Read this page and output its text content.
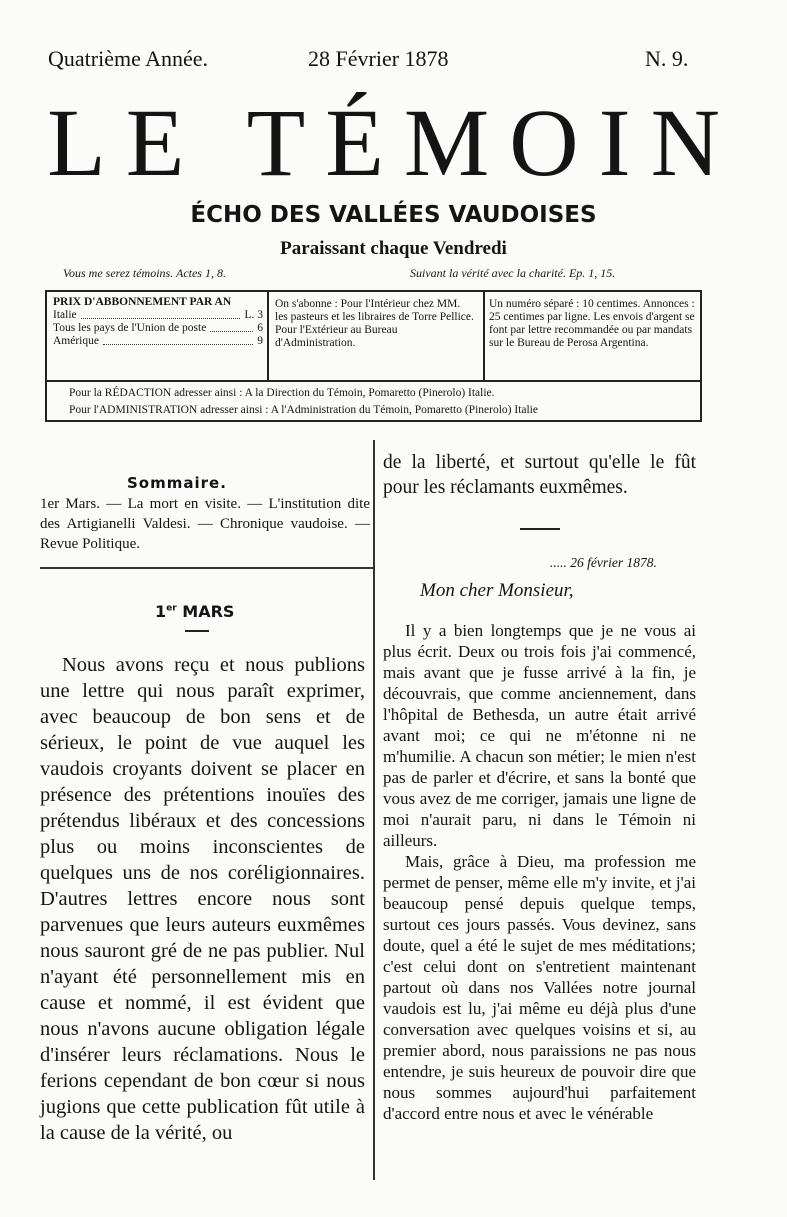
Quatrième Année.	28 Février 1878	N. 9.
LE TÉMOIN
ÉCHO DES VALLÉES VAUDOISES
Paraissant chaque Vendredi
Vous me serez témoins. Actes 1, 8.	Suivant la vérité avec la charité. Ep. 1, 15.
PRIX D'ABBONNEMENT PAR AN
Italie	L. 3
Tous les pays de l'Union de poste	6
Amérique	9
On s'abonne : Pour l'Intérieur chez MM. les pasteurs et les libraires de Torre Pellice. Pour l'Extérieur au Bureau d'Administration.
Un numéro séparé : 10 centimes. Annonces : 25 centimes par ligne. Les envois d'argent se font par lettre recommandée ou par mandats sur le Bureau de Perosa Argentina.
Pour la RÉDACTION adresser ainsi : A la Direction du Témoin, Pomaretto (Pinerolo) Italie.
Pour l'ADMINISTRATION adresser ainsi : A l'Administration du Témoin, Pomaretto (Pinerolo) Italie
Sommaire.
1er Mars. — La mort en visite. — L'institution dite des Artigianelli Valdesi. — Chronique vaudoise. — Revue Politique.
1er MARS
Nous avons reçu et nous publions une lettre qui nous paraît exprimer, avec beaucoup de bon sens et de sérieux, le point de vue auquel les vaudois croyants doivent se placer en présence des prétentions inouïes des prétendus libéraux et des concessions plus ou moins inconscientes de quelques uns de nos coréligionnaires. D'autres lettres encore nous sont parvenues que leurs auteurs euxmêmes nous sauront gré de ne pas publier. Nul n'ayant été personnellement mis en cause et nommé, il est évident que nous n'avons aucune obligation légale d'insérer leurs réclamations. Nous le ferions cependant de bon cœur si nous jugions que cette publication fût utile à la cause de la vérité, ou
de la liberté, et surtout qu'elle le fût pour les réclamants euxmêmes.
..... 26 février 1878.
Mon cher Monsieur,
Il y a bien longtemps que je ne vous ai plus écrit. Deux ou trois fois j'ai commencé, mais avant que je fusse arrivé à la fin, je découvrais, que comme anciennement, dans l'hôpital de Bethesda, un autre était arrivé avant moi; ce qui ne m'étonne ni ne m'humilie. A chacun son métier; le mien n'est pas de parler et d'écrire, et sans la bonté que vous avez de me corriger, jamais une ligne de moi n'aurait paru, ni dans le Témoin ni ailleurs.
Mais, grâce à Dieu, ma profession me permet de penser, même elle m'y invite, et j'ai beaucoup pensé depuis quelque temps, surtout ces jours passés. Vous devinez, sans doute, quel a été le sujet de mes méditations; c'est celui dont on s'entretient maintenant partout où dans nos Vallées notre journal vaudois est lu, j'ai même eu déjà plus d'une conversation avec quelques voisins et si, au premier abord, nous paraissions ne pas nous entendre, je suis heureux de pouvoir dire que nous sommes aujourd'hui parfaitement d'accord entre nous et avec le vénérable
